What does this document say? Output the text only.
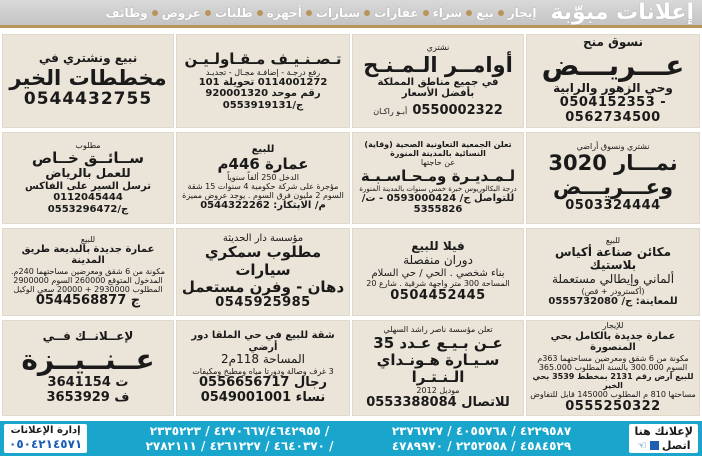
إعلانات مبوّبة
إيجار
بيع
شراء
عقارات
سيارات
أجهزة
طلبات
عروض
وظائف
نسوق منح
عـــريـــض
وحي الزهور والرابية
0504152353 - 0562734500
نشتري
أوامــر الـمـنـح
في جميع مناطق المملكة
بأفضل الأسعار
0550002322 أبـو راكـان
تـصـنـيـف مـقـاولـيـن
رفع درجـة - إضافـة مجـال - تجديـد
0114001272 تحويلة 101
رقم موحد 920001320
ج/0553919131
نبيع ونشتري في
مخططات الخير
0544432755
نشتري ونسوق أراضي
نمـــار 3020
وعـــريـــض
0503324444
تعلن الجمعية التعاونية الصحية (وقاية)
النسائية بالمدينة المنورة
عن حاجتها
لـمـديـرة ومـحـاسـبـة
درجة البكالوريوس خبرة خمس سنوات بالمدينة المنورة
للتواصل ج/ 0593000424 - ت/ 5355826
للبيع
عمارة 446م
الدخل 250 ألفاً سنوياً
مؤجرة على شركة حكومية 4 سنوات 15 شقة
السوم 2 مليون فرق السوم . يوجد عروض مميزة
م/ الابتكار: 0544322262
مطلوب
ســائــق خــاص
للعمل بالرياض
ترسل السير على الفاكس 0112045444
ج/0553296472
للبيع
مكائن صناعة أكياس بلاستيك
ألماني وإيطالي مستعملة
(أكسترودر + قص)
للمعاينة: ج/ 0555732080
فيلا للبيع
دوران منفصلة
بناء شخصي . الحي / حي السلام
المساحة 300 متر واجهة شرقية . شارع 20
0504452445
مؤسسة دار الحديثة
مطلوب سمكري سيارات
دهان - وفرن مستعمل
0545925985
للبيع
عمارة جديدة بالبديعة طريق المدينة
مكونة من 6 شقق ومعرضين مساحتهما 240م.
المدخول المتوقع 260000 السوم 2900000
المطلوب 2930000 + 20000 سعي الوكيل
ج 0544568877
للإيجار
عمارة جديدة بالكامل بحي المنصورة
مكونة من 6 شقق ومعرضين مساحتهما 363م
السوم 300.000 بالسنة المطلوب 365.000
للبيع أرض رقم 2131 بمخطط 3539 بحي الخير
مساحتها 810 م المطلوب 145000 قابل للتفاوض
0555250322
تعلن مؤسسة ناصر راشد السهلي
عـن بـيـع عـدد 35
سـيـارة هـونـداي الـنـتـرا
موديل 2012
للاتصال 0553388084
شقة للبيع في حي الملقا دور أرضي
المساحة 118م2
3 غرف وصالة ودورتا مياه ومطبخ ومكيفات
0556656717 رجال
0549001001 نساء
لإعــلانــك فــي
عــنــيــزة
ت 3641154
ف 3653929
لإعلانك هنا
اتصل
☜
٤٢٢٩٥٨٧ / ٤٠٥٥٧٦٨ / ٢٣٧٦٧٢٧
٤٥٨٤٥٢٩ / ٢٢٥٢٥٥٨ / ٤٧٨٩٩٧٠
٤٢٧٠٦٦٧/٤٦٤٢٩٥٥ / ٢٣٣٥٢٢٣ /
٤٦٤٠٣٧٠ / ٤٢٦١٢٢٧ / ٢٧٨٢١١١ /
إدارة الإعلانات
٠٥٠٤٢١٤٥٧١
